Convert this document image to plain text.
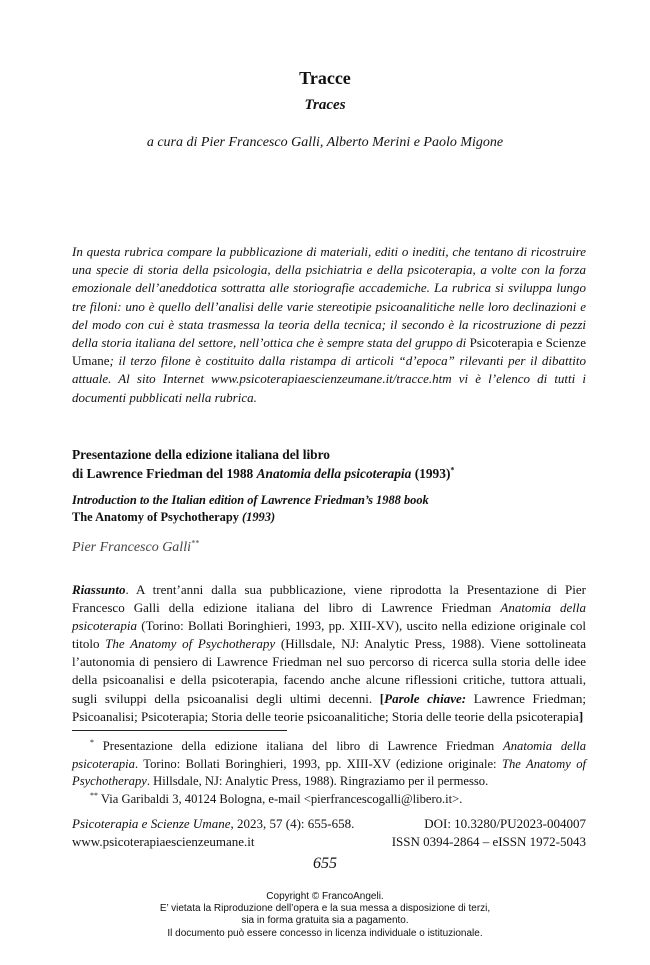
Tracce
Traces
a cura di Pier Francesco Galli, Alberto Merini e Paolo Migone
In questa rubrica compare la pubblicazione di materiali, editi o inediti, che tentano di ricostruire una specie di storia della psicologia, della psichiatria e della psicoterapia, a volte con la forza emozionale dell’aneddotica sottratta alle storiografie accademiche. La rubrica si sviluppa lungo tre filoni: uno è quello dell’analisi delle varie stereotipie psicoanalitiche nelle loro declinazioni e del modo con cui è stata trasmessa la teoria della tecnica; il secondo è la ricostruzione di pezzi della storia italiana del settore, nell’ottica che è sempre stata del gruppo di Psicoterapia e Scienze Umane; il terzo filone è costituito dalla ristampa di articoli “d’epoca” rilevanti per il dibattito attuale. Al sito Internet www.psicoterapiaescienzeumane.it/tracce.htm vi è l’elenco di tutti i documenti pubblicati nella rubrica.
Presentazione della edizione italiana del libro
di Lawrence Friedman del 1988 Anatomia della psicoterapia (1993)*
Introduction to the Italian edition of Lawrence Friedman’s 1988 book
The Anatomy of Psychotherapy (1993)
Pier Francesco Galli**
Riassunto. A trent’anni dalla sua pubblicazione, viene riprodotta la Presentazione di Pier Francesco Galli della edizione italiana del libro di Lawrence Friedman Anatomia della psicoterapia (Torino: Bollati Boringhieri, 1993, pp. XIII-XV), uscito nella edizione originale col titolo The Anatomy of Psychotherapy (Hillsdale, NJ: Analytic Press, 1988). Viene sottolineata l’autonomia di pensiero di Lawrence Friedman nel suo percorso di ricerca sulla storia delle idee della psicoanalisi e della psicoterapia, facendo anche alcune riflessioni critiche, tuttora attuali, sugli sviluppi della psicoanalisi degli ultimi decenni. [Parole chiave: Lawrence Friedman; Psicoanalisi; Psicoterapia; Storia delle teorie psicoanalitiche; Storia delle teorie della psicoterapia]
* Presentazione della edizione italiana del libro di Lawrence Friedman Anatomia della psicoterapia. Torino: Bollati Boringhieri, 1993, pp. XIII-XV (edizione originale: The Anatomy of Psychotherapy. Hillsdale, NJ: Analytic Press, 1988). Ringraziamo per il permesso.
** Via Garibaldi 3, 40124 Bologna, e-mail <pierfrancescogalli@libero.it>.
Psicoterapia e Scienze Umane, 2023, 57 (4): 655-658.	DOI: 10.3280/PU2023-004007
www.psicoterapiaescienzeumane.it	ISSN 0394-2864 – eISSN 1972-5043
655
Copyright © FrancoAngeli.
E’ vietata la Riproduzione dell’opera e la sua messa a disposizione di terzi,
sia in forma gratuita sia a pagamento.
Il documento può essere concesso in licenza individuale o istituzionale.
